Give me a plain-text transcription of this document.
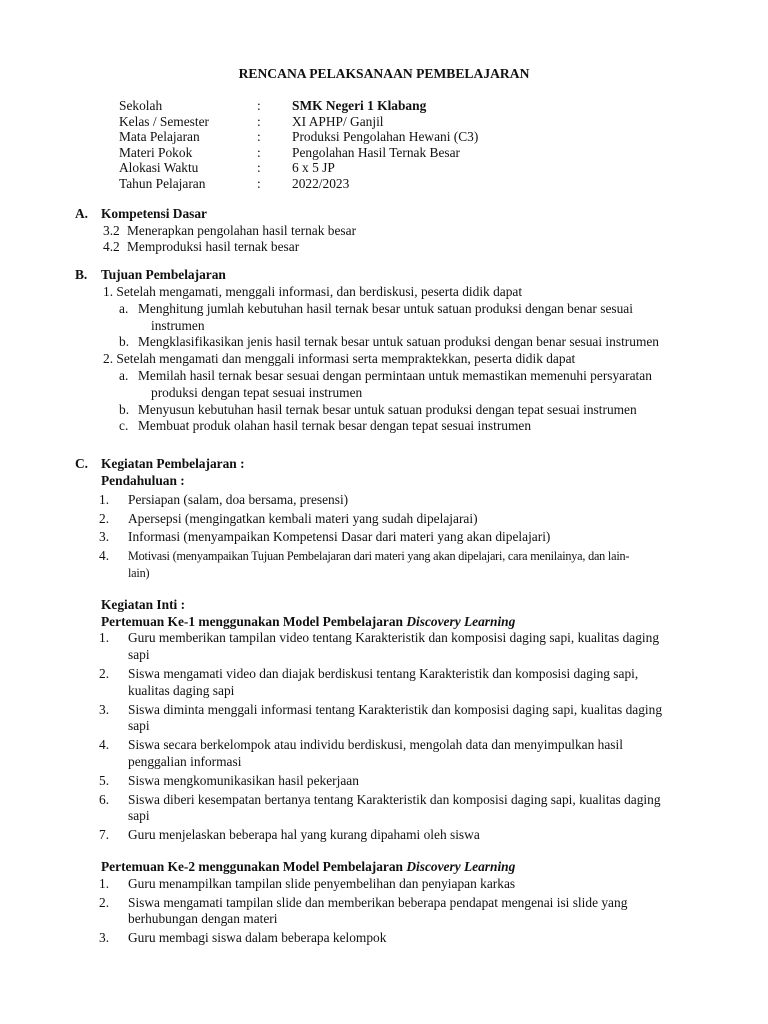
RENCANA PELAKSANAAN PEMBELAJARAN
Sekolah	: SMK Negeri 1 Klabang
Kelas / Semester	: XI APHP/ Ganjil
Mata Pelajaran	: Produksi Pengolahan Hewani (C3)
Materi Pokok	: Pengolahan Hasil Ternak Besar
Alokasi Waktu	: 6 x 5 JP
Tahun Pelajaran	: 2022/2023
A. Kompetensi Dasar
3.2 Menerapkan pengolahan hasil ternak besar
4.2 Memproduksi hasil ternak besar
B. Tujuan Pembelajaran
1. Setelah mengamati, menggali informasi, dan berdiskusi, peserta didik dapat
a. Menghitung jumlah kebutuhan hasil ternak besar untuk satuan produksi dengan benar sesuai
instrumen
b. Mengklasifikasikan jenis hasil ternak besar untuk satuan produksi dengan benar sesuai instrumen
2. Setelah mengamati dan menggali informasi serta mempraktekkan, peserta didik dapat
a. Memilah hasil ternak besar sesuai dengan permintaan untuk memastikan memenuhi persyaratan
produksi dengan tepat sesuai instrumen
b. Menyusun kebutuhan hasil ternak besar untuk satuan produksi dengan tepat sesuai instrumen
c. Membuat produk olahan hasil ternak besar dengan tepat sesuai instrumen
C. Kegiatan Pembelajaran :
Pendahuluan :
1. Persiapan (salam, doa bersama, presensi)
2. Apersepsi (mengingatkan kembali materi yang sudah dipelajarai)
3. Informasi (menyampaikan Kompetensi Dasar dari materi yang akan dipelajari)
4. Motivasi (menyampaikan Tujuan Pembelajaran dari materi yang akan dipelajari, cara menilainya, dan lain-
lain)
Kegiatan Inti :
Pertemuan Ke-1 menggunakan Model Pembelajaran Discovery Learning
1. Guru memberikan tampilan video tentang Karakteristik dan komposisi daging sapi, kualitas daging
sapi
2. Siswa mengamati video dan diajak berdiskusi tentang Karakteristik dan komposisi daging sapi,
kualitas daging sapi
3. Siswa diminta menggali informasi tentang Karakteristik dan komposisi daging sapi, kualitas daging
sapi
4. Siswa secara berkelompok atau individu berdiskusi, mengolah data dan menyimpulkan hasil
penggalian informasi
5. Siswa mengkomunikasikan hasil pekerjaan
6. Siswa diberi kesempatan bertanya tentang Karakteristik dan komposisi daging sapi, kualitas daging
sapi
7. Guru menjelaskan beberapa hal yang kurang dipahami oleh siswa
Pertemuan Ke-2 menggunakan Model Pembelajaran Discovery Learning
1. Guru menampilkan tampilan slide penyembelihan dan penyiapan karkas
2. Siswa mengamati tampilan slide dan memberikan beberapa pendapat mengenai isi slide yang
berhubungan dengan materi
3. Guru membagi siswa dalam beberapa kelompok
